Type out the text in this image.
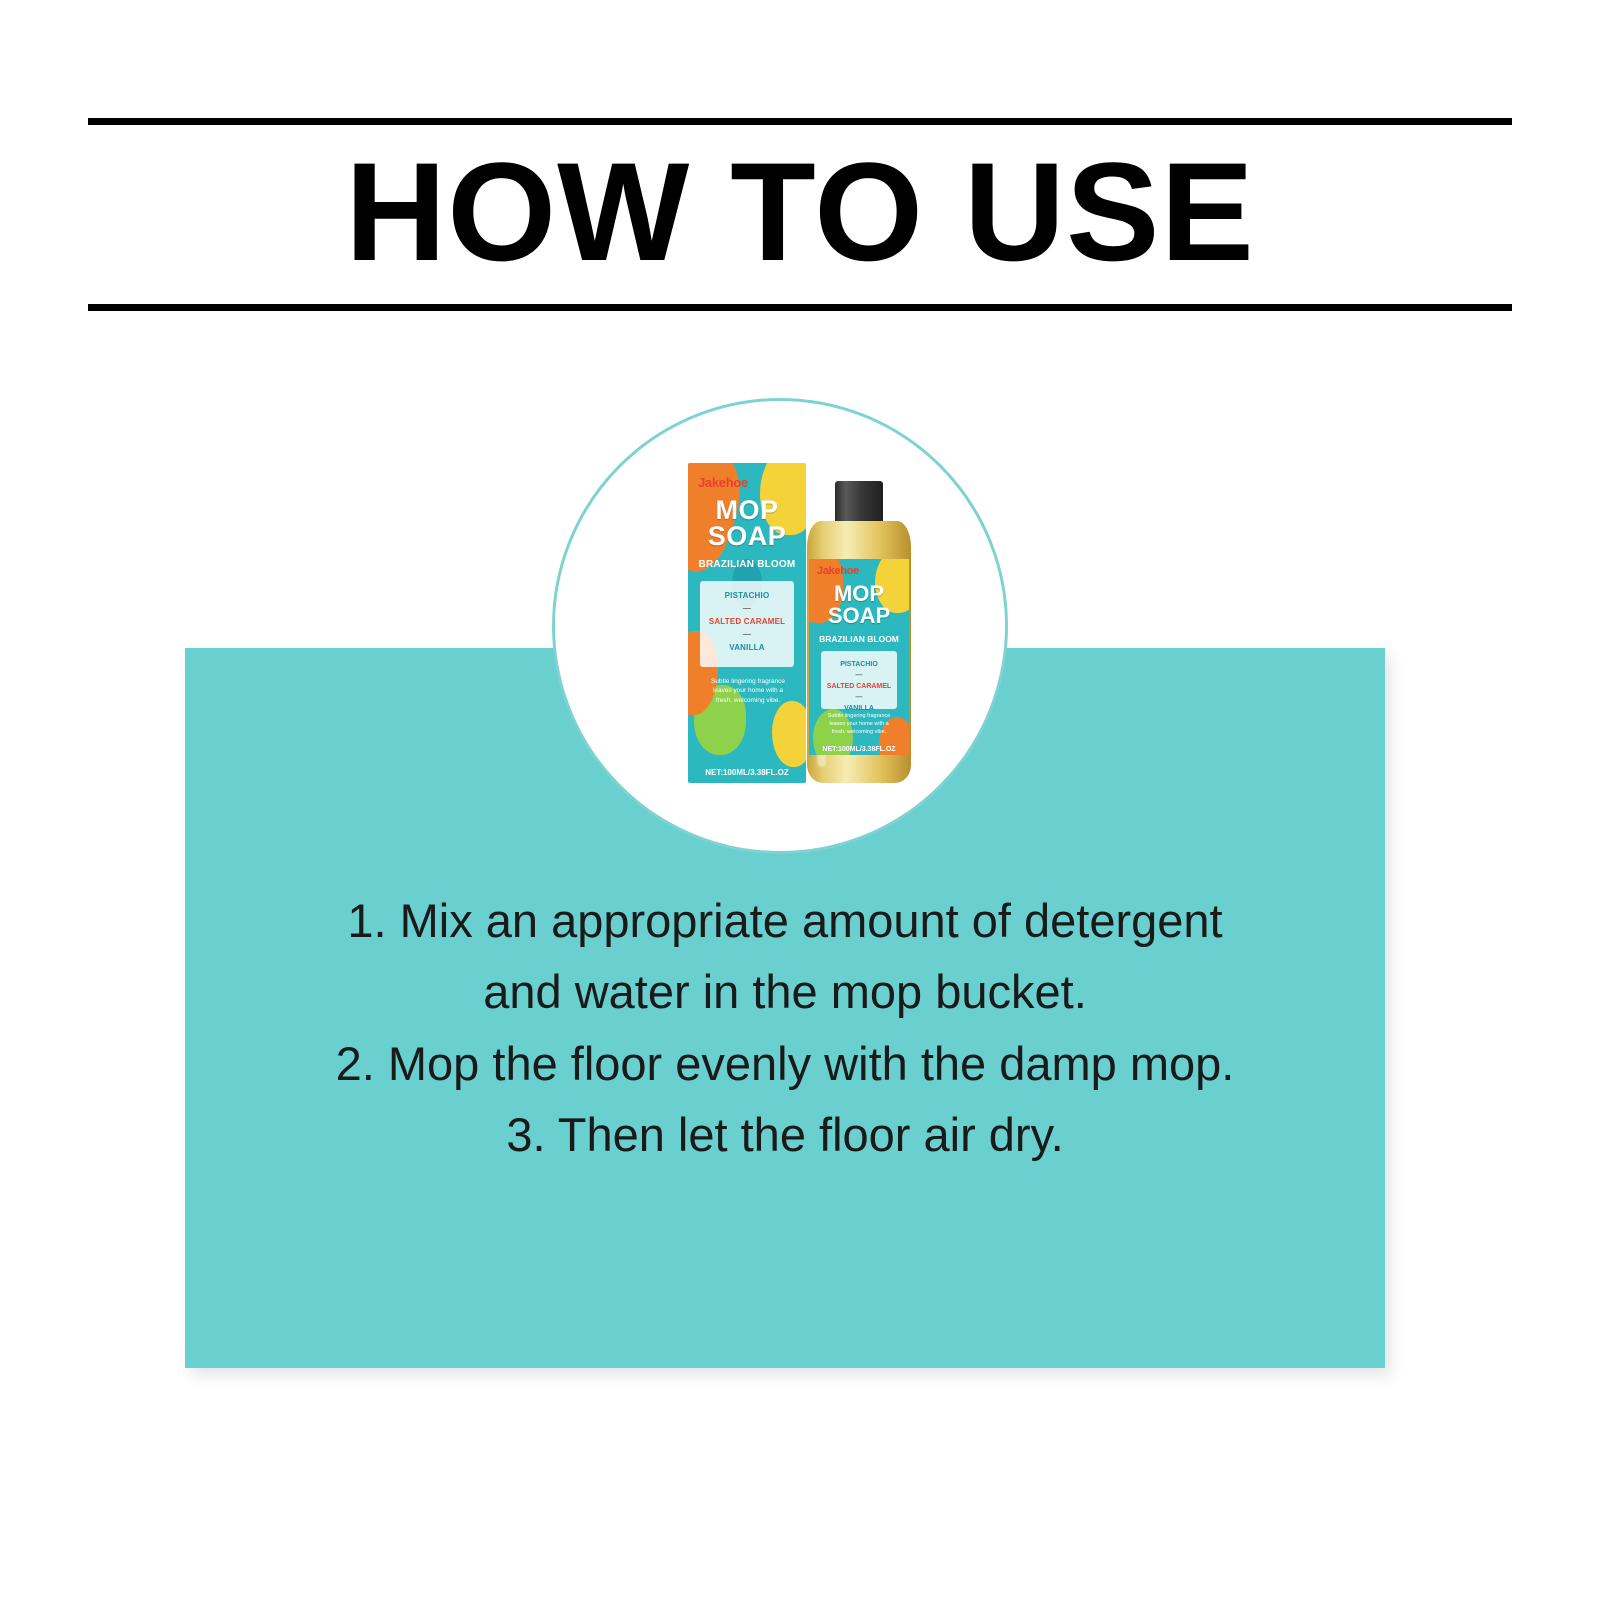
HOW TO USE
1. Mix an appropriate amount of detergent
and water in the mop bucket.
2. Mop the floor evenly with the damp mop.
3. Then let the floor air dry.
Jakehoe
MOP
SOAP
BRAZILIAN BLOOM
PISTACHIO
—
SALTED CARAMEL
—
VANILLA
Subtle lingering fragrance leaves your home with a fresh, welcoming vibe.
NET:100ML/3.38FL.OZ
Jakehoe
MOP
SOAP
BRAZILIAN BLOOM
PISTACHIO
—
SALTED CARAMEL
—
VANILLA
Subtle lingering fragrance leaves your home with a fresh, welcoming vibe.
NET:100ML/3.38FL.OZ
